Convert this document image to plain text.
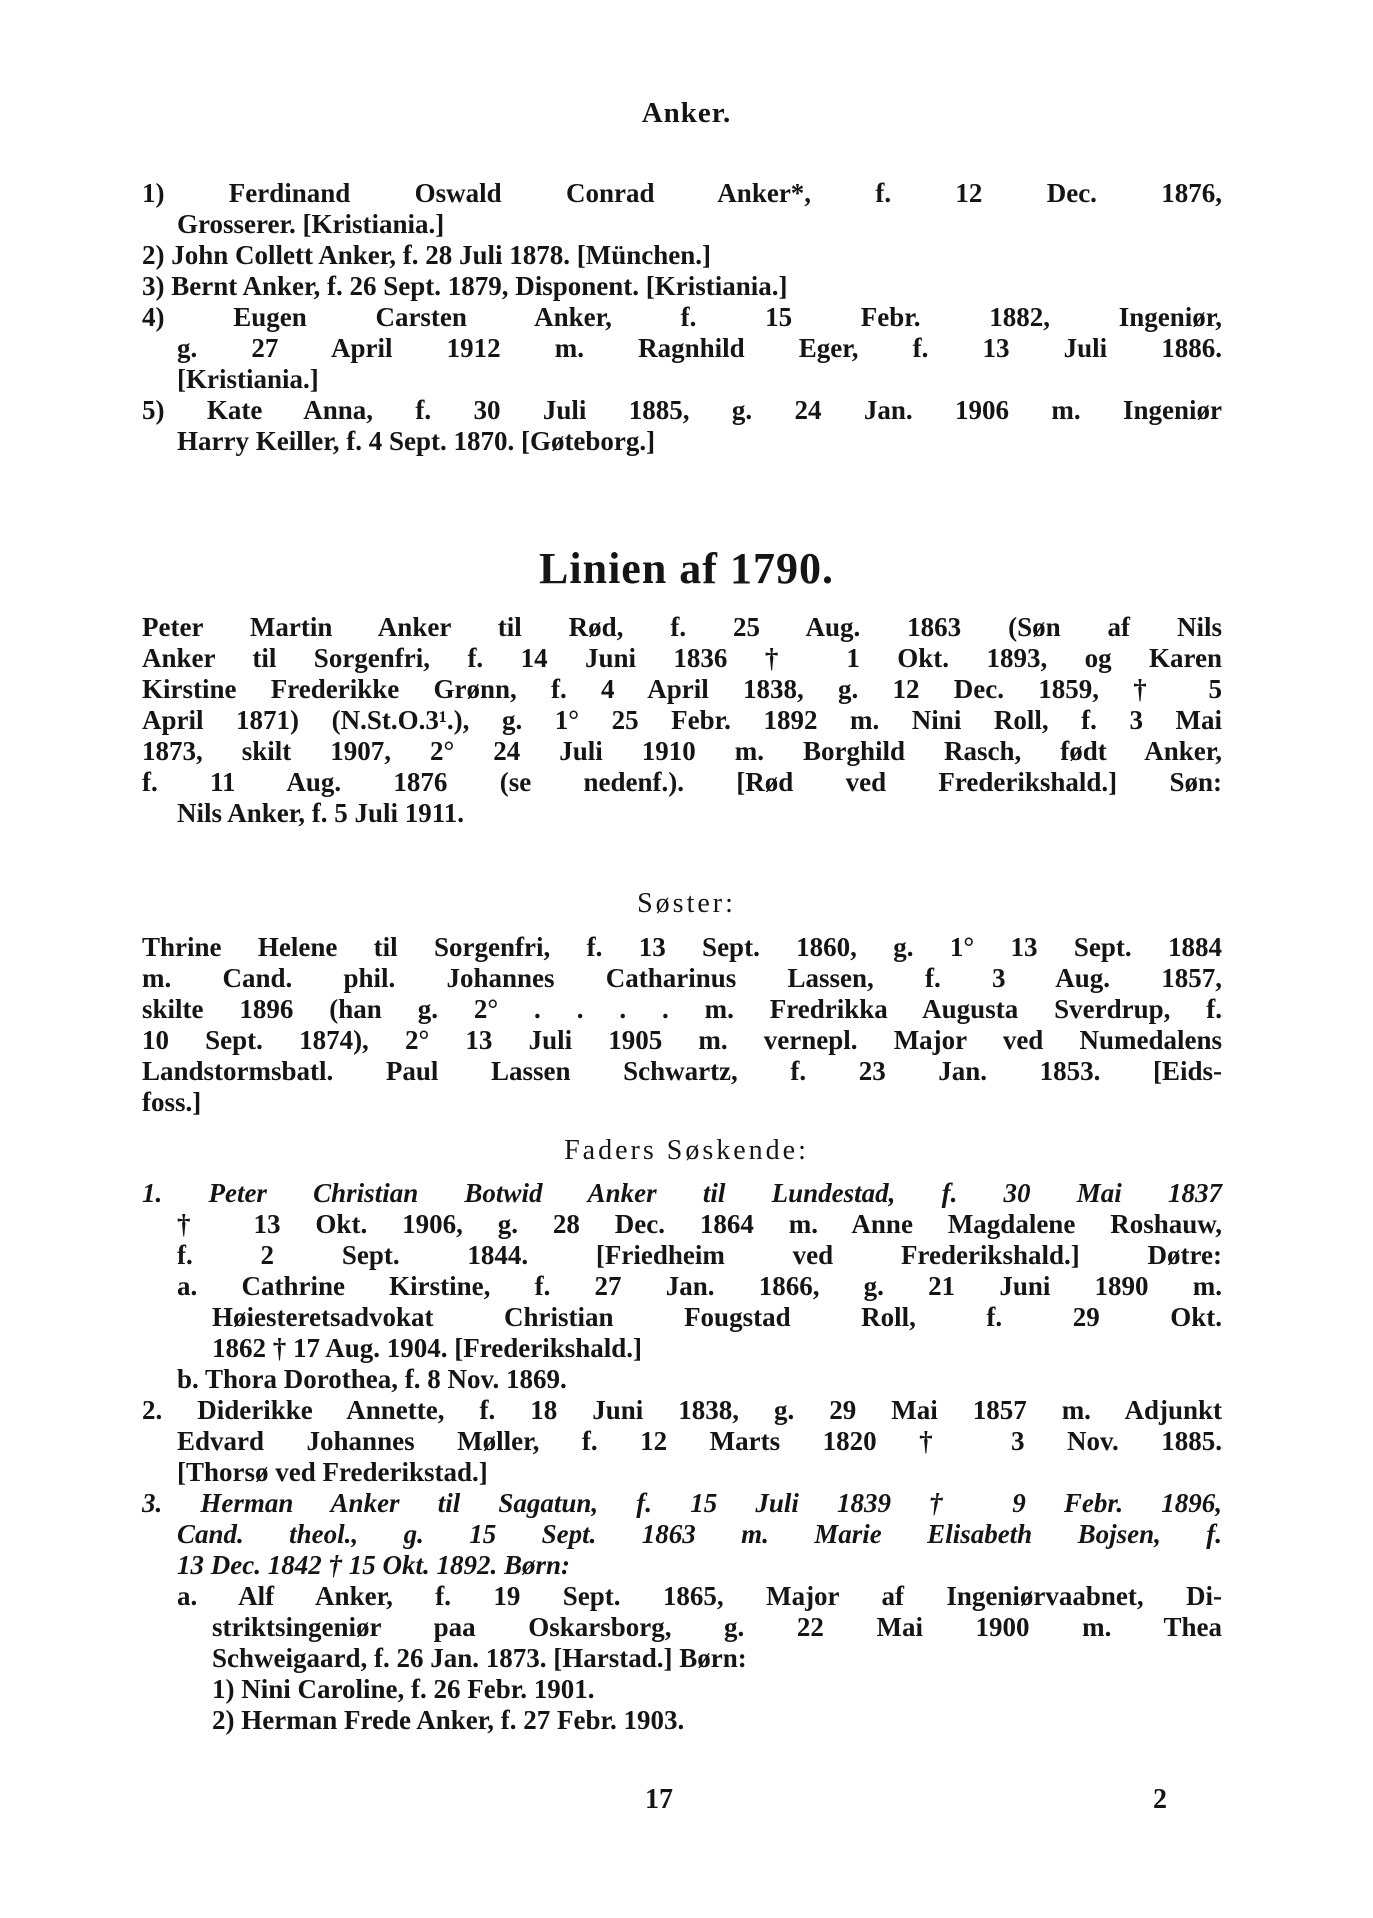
Anker.
1) Ferdinand Oswald Conrad Anker*, f. 12 Dec. 1876,
Grosserer. [Kristiania.]
2) John Collett Anker, f. 28 Juli 1878. [München.]
3) Bernt Anker, f. 26 Sept. 1879, Disponent. [Kristiania.]
4) Eugen Carsten Anker, f. 15 Febr. 1882, Ingeniør,
g. 27 April 1912 m. Ragnhild Eger, f. 13 Juli 1886.
[Kristiania.]
5) Kate Anna, f. 30 Juli 1885, g. 24 Jan. 1906 m. Ingeniør
Harry Keiller, f. 4 Sept. 1870. [Gøteborg.]
Linien af 1790.
Peter Martin Anker til Rød, f. 25 Aug. 1863 (Søn af Nils
Anker til Sorgenfri, f. 14 Juni 1836 † 1 Okt. 1893, og Karen
Kirstine Frederikke Grønn, f. 4 April 1838, g. 12 Dec. 1859, † 5
April 1871) (N.St.O.3¹.), g. 1° 25 Febr. 1892 m. Nini Roll, f. 3 Mai
1873, skilt 1907, 2° 24 Juli 1910 m. Borghild Rasch, født Anker,
f. 11 Aug. 1876 (se nedenf.). [Rød ved Frederikshald.] Søn:
Nils Anker, f. 5 Juli 1911.
Søster:
Thrine Helene til Sorgenfri, f. 13 Sept. 1860, g. 1° 13 Sept. 1884
m. Cand. phil. Johannes Catharinus Lassen, f. 3 Aug. 1857,
skilte 1896 (han g. 2° . . . . m. Fredrikka Augusta Sverdrup, f.
10 Sept. 1874), 2° 13 Juli 1905 m. vernepl. Major ved Numedalens
Landstormsbatl. Paul Lassen Schwartz, f. 23 Jan. 1853. [Eids-
foss.]
Faders Søskende:
1. Peter Christian Botwid Anker til Lundestad, f. 30 Mai 1837
† 13 Okt. 1906, g. 28 Dec. 1864 m. Anne Magdalene Roshauw,
f. 2 Sept. 1844. [Friedheim ved Frederikshald.] Døtre:
a. Cathrine Kirstine, f. 27 Jan. 1866, g. 21 Juni 1890 m.
Høiesteretsadvokat Christian Fougstad Roll, f. 29 Okt.
1862 † 17 Aug. 1904. [Frederikshald.]
b. Thora Dorothea, f. 8 Nov. 1869.
2. Diderikke Annette, f. 18 Juni 1838, g. 29 Mai 1857 m. Adjunkt
Edvard Johannes Møller, f. 12 Marts 1820 † 3 Nov. 1885.
[Thorsø ved Frederikstad.]
3. Herman Anker til Sagatun, f. 15 Juli 1839 † 9 Febr. 1896,
Cand. theol., g. 15 Sept. 1863 m. Marie Elisabeth Bojsen, f.
13 Dec. 1842 † 15 Okt. 1892. Børn:
a. Alf Anker, f. 19 Sept. 1865, Major af Ingeniørvaabnet, Di-
striktsingeniør paa Oskarsborg, g. 22 Mai 1900 m. Thea
Schweigaard, f. 26 Jan. 1873. [Harstad.] Børn:
1) Nini Caroline, f. 26 Febr. 1901.
2) Herman Frede Anker, f. 27 Febr. 1903.
17	2
